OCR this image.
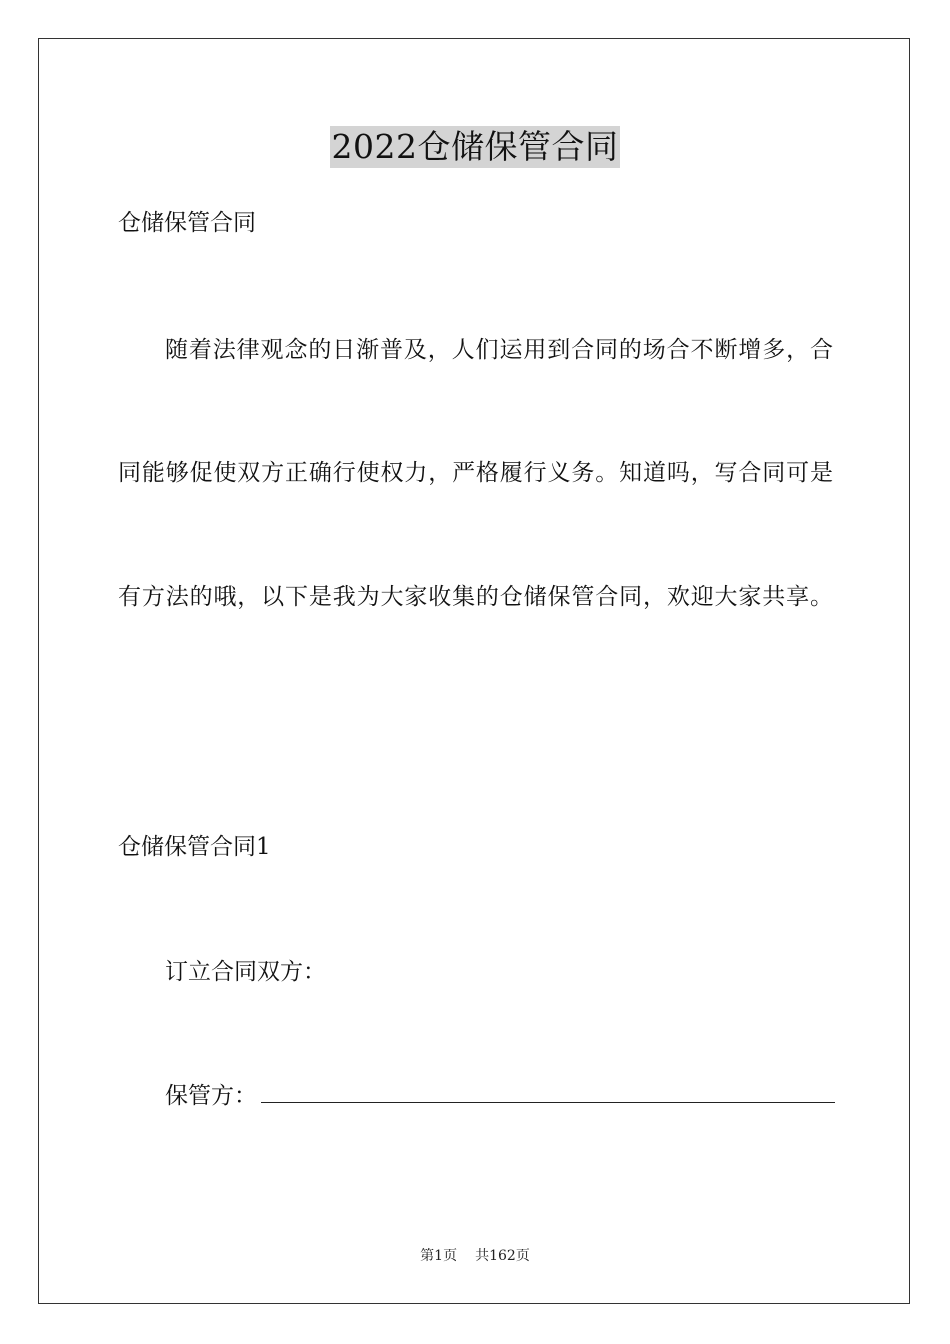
2022仓储保管合同
仓储保管合同
随着法律观念的日渐普及，人们运用到合同的场合不断增多，合
同能够促使双方正确行使权力，严格履行义务。知道吗，写合同可是
有方法的哦，以下是我为大家收集的仓储保管合同，欢迎大家共享。
仓储保管合同1
订立合同双方：
保管方：
第1页 共162页
